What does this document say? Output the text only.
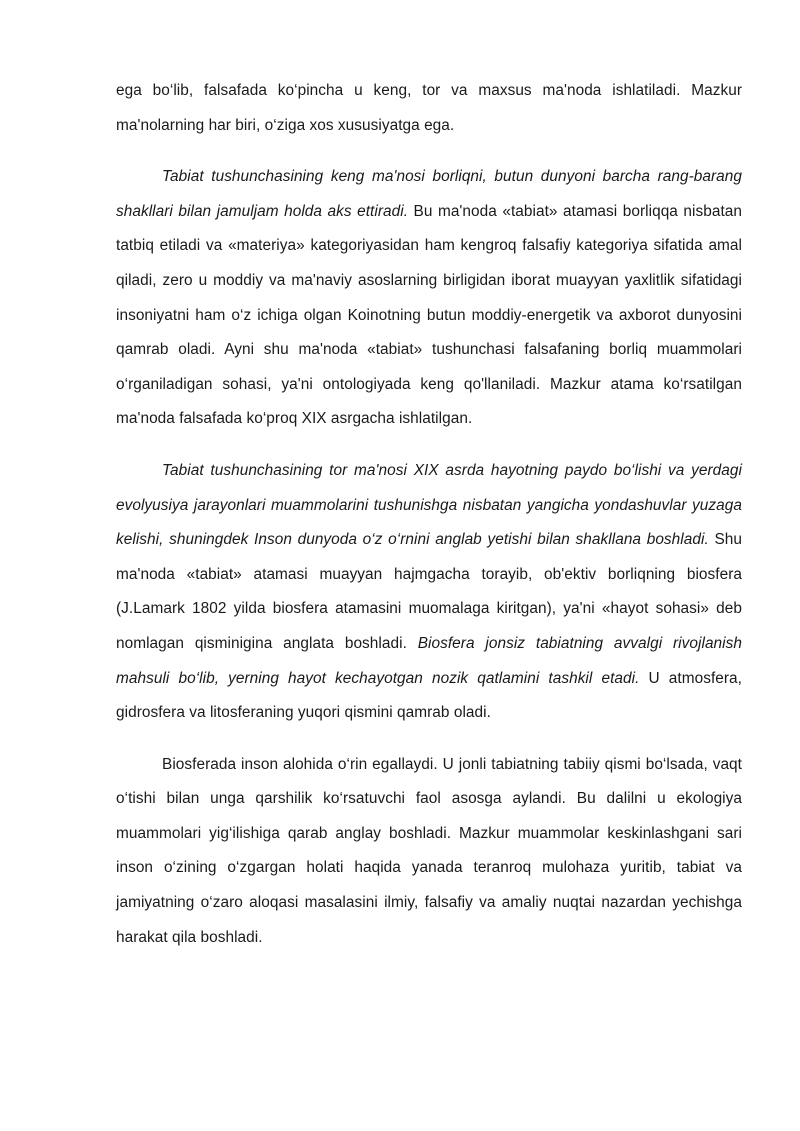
ega bo‘lib, falsafada ko‘pincha u keng, tor va maxsus ma'noda ishlatiladi. Mazkur ma'nolarning har biri, o‘ziga xos xususiyatga ega.

Tabiat tushunchasining keng ma'nosi borliqni, butun dunyoni barcha rang-barang shakllari bilan jamuljam holda aks ettiradi. Bu ma'noda «tabiat» atamasi borliqqa nisbatan tatbiq etiladi va «materiya» kategoriyasidan ham kengroq falsafiy kategoriya sifatida amal qiladi, zero u moddiy va ma'naviy asoslarning birligidan iborat muayyan yaxlitlik sifatidagi insoniyatni ham o‘z ichiga olgan Koinotning butun moddiy-energetik va axborot dunyosini qamrab oladi. Ayni shu ma'noda «tabiat» tushunchasi falsafaning borliq muammolari o‘rganiladigan sohasi, ya'ni ontologiyada keng qo'llaniladi. Mazkur atama ko‘rsatilgan ma'noda falsafada ko‘proq XIX asrgacha ishlatilgan.

Tabiat tushunchasining tor ma'nosi XIX asrda hayotning paydo bo‘lishi va yerdagi evolyusiya jarayonlari muammolarini tushunishga nisbatan yangicha yondashuvlar yuzaga kelishi, shuningdek Inson dunyoda o‘z o‘rnini anglab yetishi bilan shakllana boshladi. Shu ma'noda «tabiat» atamasi muayyan hajmgacha torayib, ob'ektiv borliqning biosfera (J.Lamark 1802 yilda biosfera atamasini muomalaga kiritgan), ya'ni «hayot sohasi» deb nomlagan qisminigina anglata boshladi. Biosfera jonsiz tabiatning avvalgi rivojlanish mahsuli bo‘lib, yerning hayot kechayotgan nozik qatlamini tashkil etadi. U atmosfera, gidrosfera va litosferaning yuqori qismini qamrab oladi.

Biosferada inson alohida o‘rin egallaydi. U jonli tabiatning tabiiy qismi bo‘lsada, vaqt o‘tishi bilan unga qarshilik ko‘rsatuvchi faol asosga aylandi. Bu dalilni u ekologiya muammolari yig‘ilishiga qarab anglay boshladi. Mazkur muammolar keskinlashgani sari inson o‘zining o‘zgargan holati haqida yanada teranroq mulohaza yuritib, tabiat va jamiyatning o‘zaro aloqasi masalasini ilmiy, falsafiy va amaliy nuqtai nazardan yechishga harakat qila boshladi.
